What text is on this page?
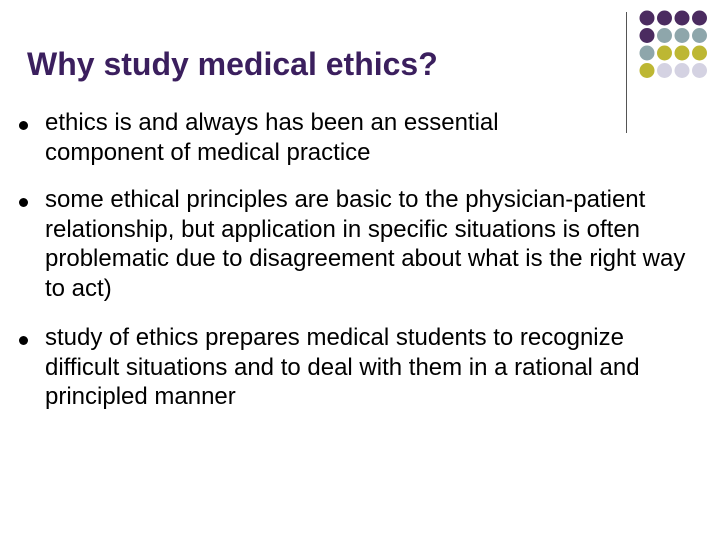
Why study medical ethics?
ethics is and always has been an essential component of medical practice
some ethical principles are basic to the physician-patient relationship, but application in specific situations is often problematic due to disagreement about what is the right way to act)
study of ethics prepares medical students to recognize difficult situations and to deal with them in a rational and principled manner
